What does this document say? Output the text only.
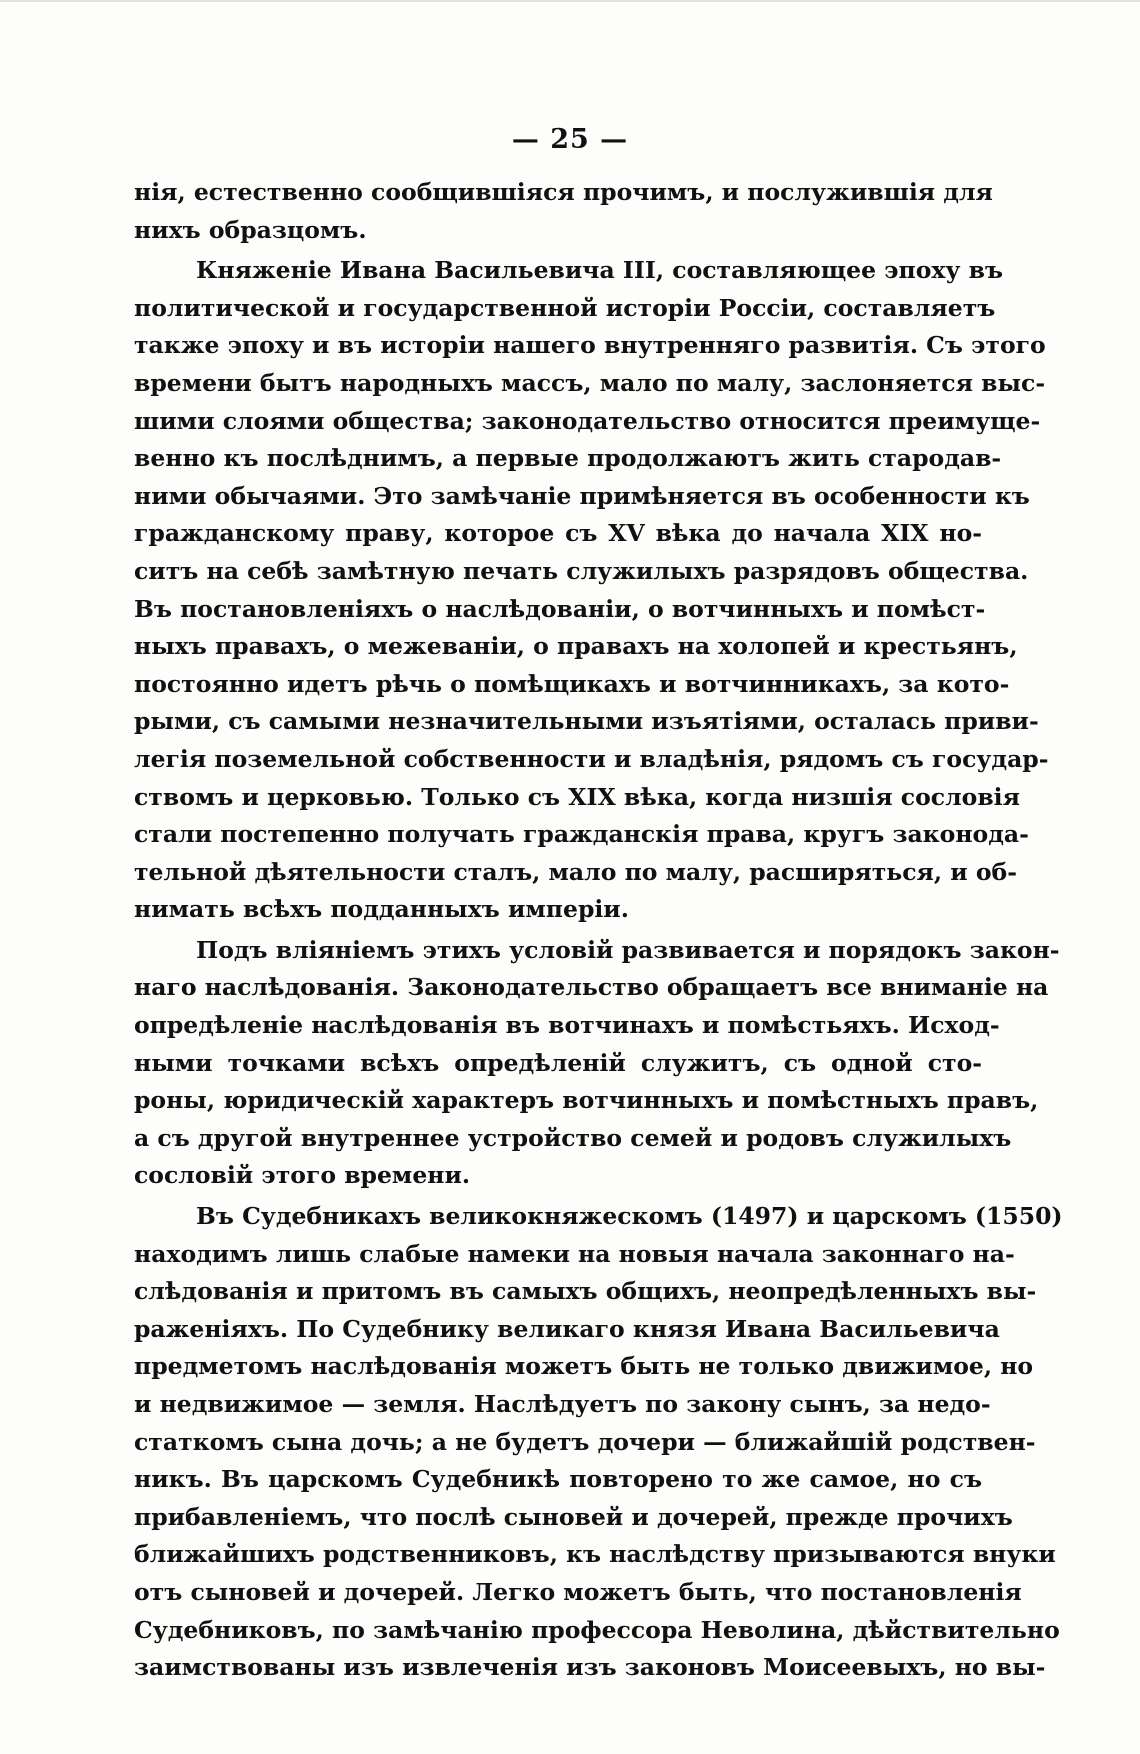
— 25 —
нія, естественно сообщившіяся прочимъ, и послужившія для
нихъ образцомъ.
Княженіе Ивана Васильевича III, составляющее эпоху въ
политической и государственной исторіи Россіи, составляетъ
также эпоху и въ исторіи нашего внутренняго развитія. Съ этого
времени бытъ народныхъ массъ, мало по малу, заслоняется выс-
шими слоями общества; законодательство относится преимуще-
венно къ послѣднимъ, а первые продолжаютъ жить стародав-
ними обычаями. Это замѣчаніе примѣняется въ особенности къ
гражданскому праву, которое съ XV вѣка до начала XIX но-
ситъ на себѣ замѣтную печать служилыхъ разрядовъ общества.
Въ постановленіяхъ о наслѣдованіи, о вотчинныхъ и помѣст-
ныхъ правахъ, о межеваніи, о правахъ на холопей и крестьянъ,
постоянно идетъ рѣчь о помѣщикахъ и вотчинникахъ, за кото-
рыми, съ самыми незначительными изъятіями, осталась приви-
легія поземельной собственности и владѣнія, рядомъ съ государ-
ствомъ и церковью. Только съ XIX вѣка, когда низшія сословія
стали постепенно получать гражданскія права, кругъ законода-
тельной дѣятельности сталъ, мало по малу, расширяться, и об-
нимать всѣхъ подданныхъ имперіи.
Подъ вліяніемъ этихъ условій развивается и порядокъ закон-
наго наслѣдованія. Законодательство обращаетъ все вниманіе на
опредѣленіе наслѣдованія въ вотчинахъ и помѣстьяхъ. Исход-
ными точками всѣхъ опредѣленій служитъ, съ одной сто-
роны, юридическій характеръ вотчинныхъ и помѣстныхъ правъ,
а съ другой внутреннее устройство семей и родовъ служилыхъ
сословій этого времени.
Въ Судебникахъ великокняжескомъ (1497) и царскомъ (1550)
находимъ лишь слабые намеки на новыя начала законнаго на-
слѣдованія и притомъ въ самыхъ общихъ, неопредѣленныхъ вы-
раженіяхъ. По Судебнику великаго князя Ивана Васильевича
предметомъ наслѣдованія можетъ быть не только движимое, но
и недвижимое — земля. Наслѣдуетъ по закону сынъ, за недо-
статкомъ сына дочь; а не будетъ дочери — ближайшій родствен-
никъ. Въ царскомъ Судебникѣ повторено то же самое, но съ
прибавленіемъ, что послѣ сыновей и дочерей, прежде прочихъ
ближайшихъ родственниковъ, къ наслѣдству призываются внуки
отъ сыновей и дочерей. Легко можетъ быть, что постановленія
Судебниковъ, по замѣчанію профессора Неволина, дѣйствительно
заимствованы изъ извлеченія изъ законовъ Моисеевыхъ, но вы-
